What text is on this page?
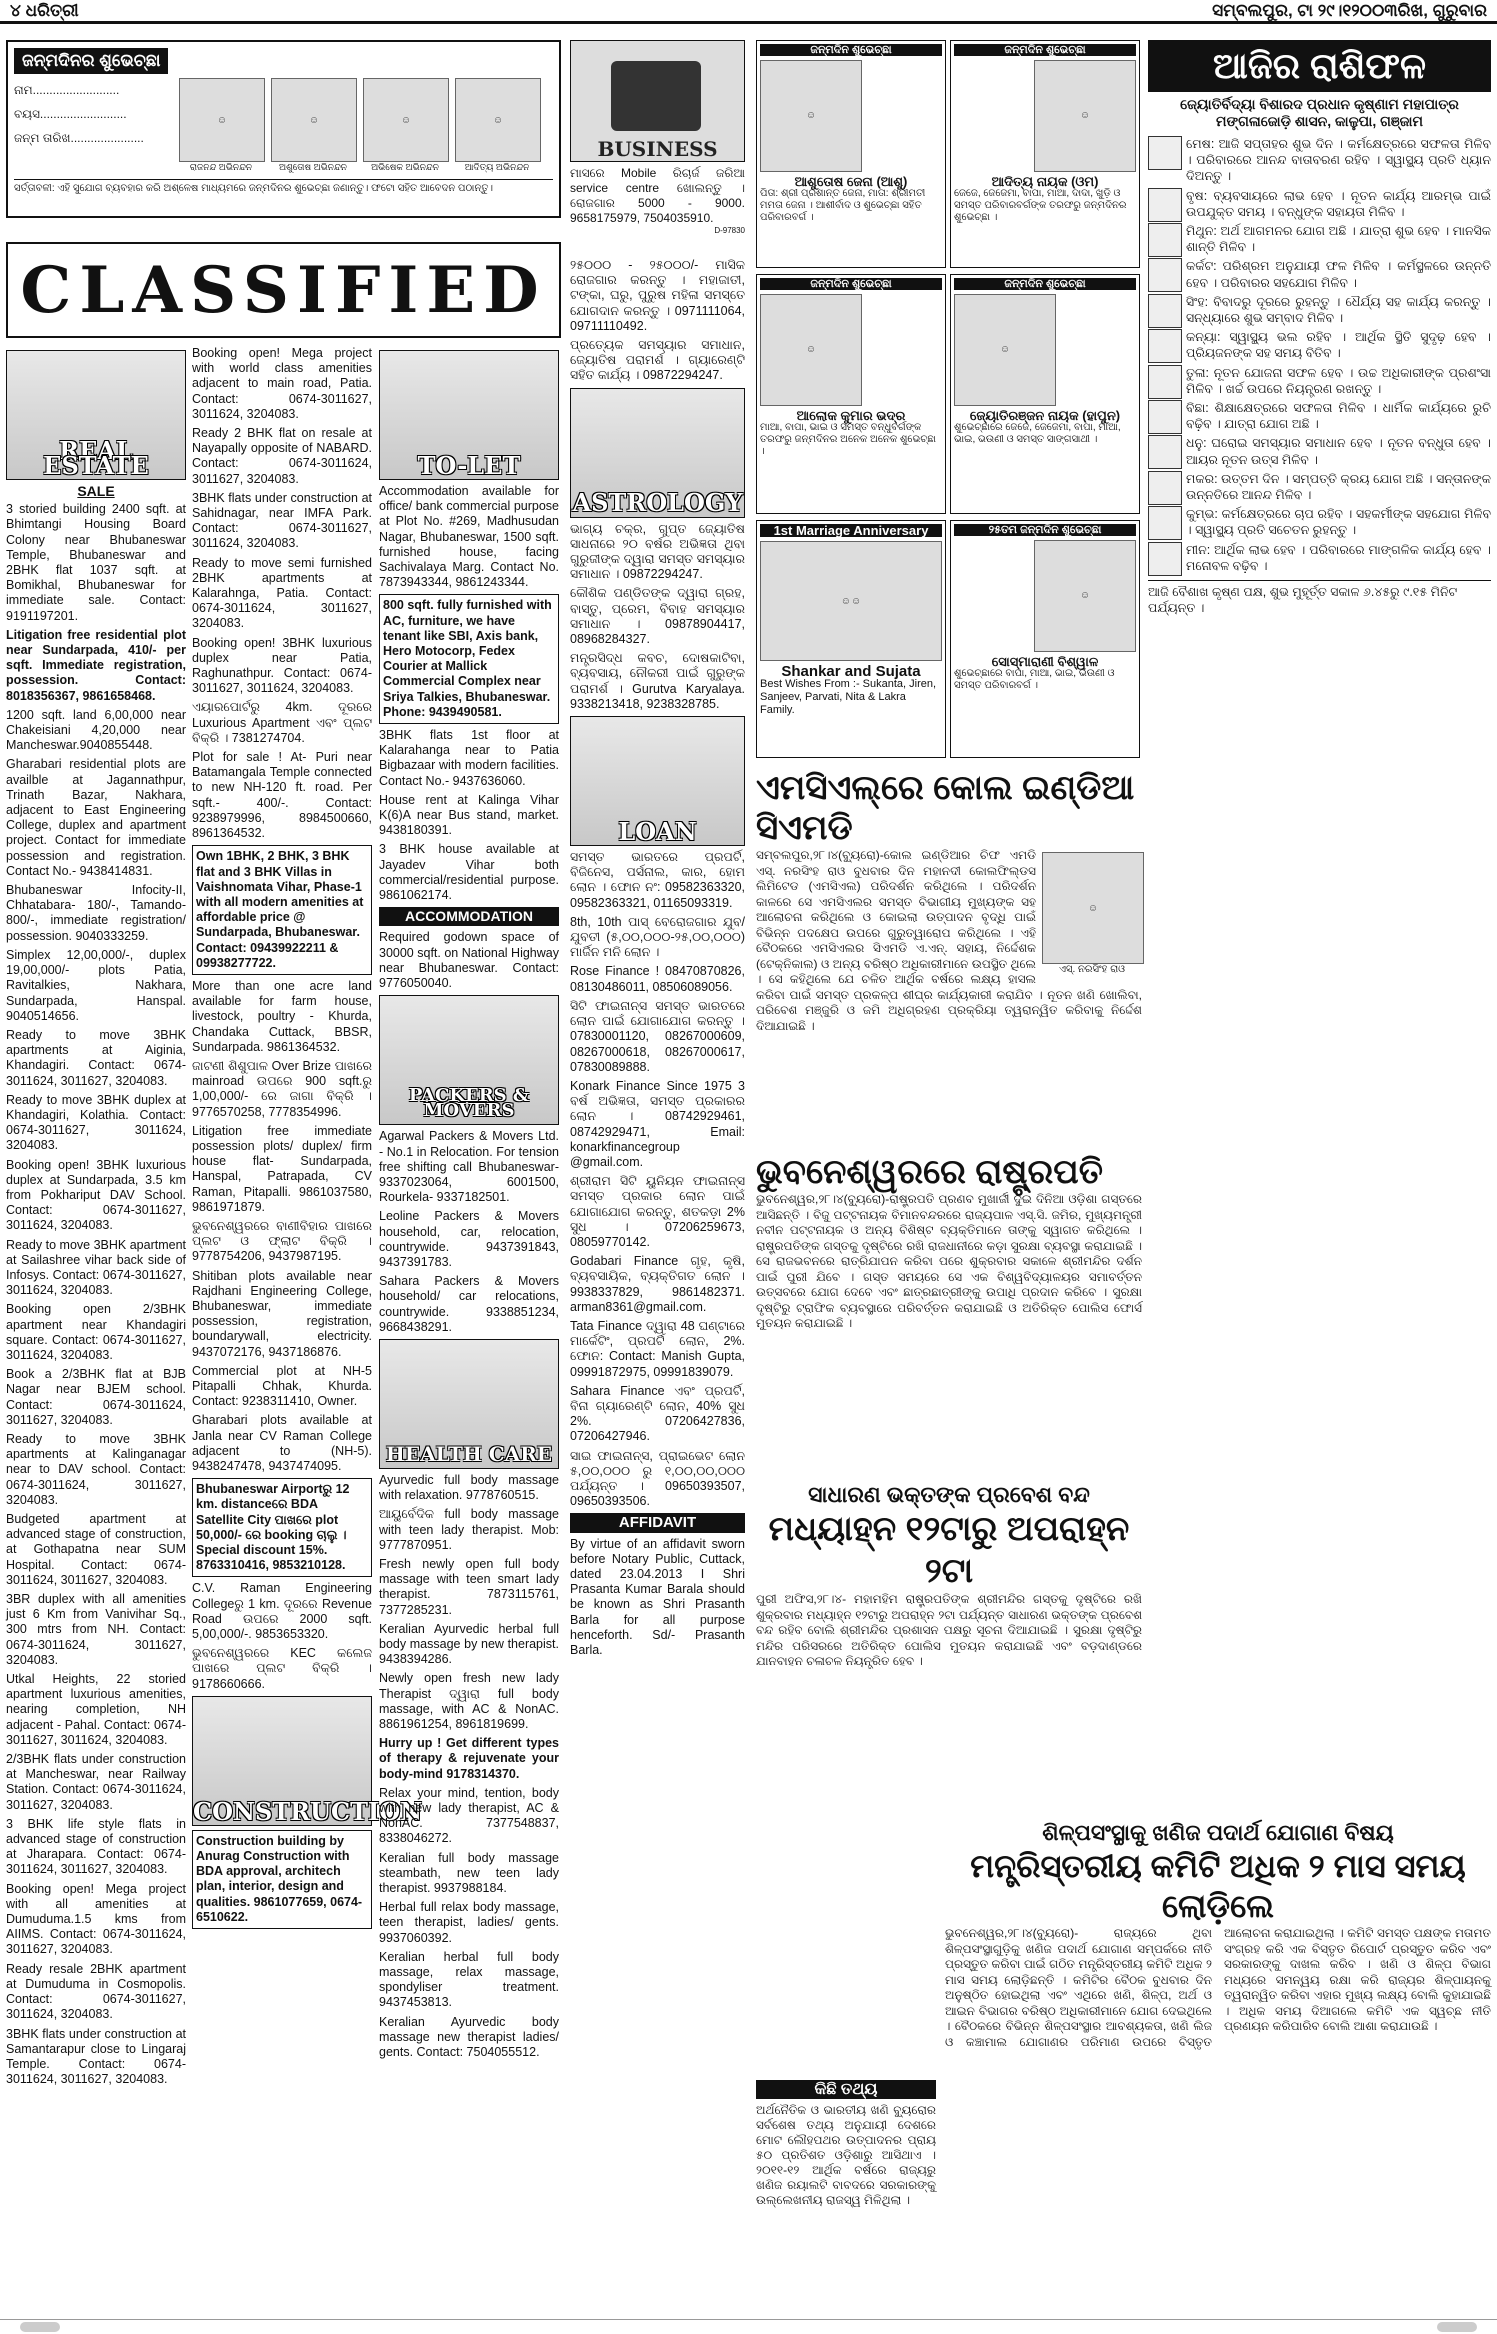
୪ ଧରିତ୍ରୀ	ସମ୍ବଲପୁର, ଟା ୨୯।୧୨୦୦୩ରିଖ, ଗୁରୁବାର
ଜନ୍ମଦିନର ଶୁଭେଚ୍ଛା
ନାମ..........................
ବୟସ..........................
ଜନ୍ମ ତାରିଖ......................
☺
ରାଜନନ୍ଦ ଅଭିନନ୍ଦନ
☺
ଅଶୁତୋଷ ଅଭିନନ୍ଦନ
☺
ଅଭିଷେକ ଅଭିନନ୍ଦନ
☺
ଆଦିତ୍ୟ ଅଭିନନ୍ଦନ
ସର୍ତ୍ତାବଳୀ: ଏହି ସୁଯୋଗ ବ୍ୟବହାର କରି ଅଶ୍ଳେଷ ମାଧ୍ୟମରେ ଜନ୍ମଦିନର ଶୁଭେଚ୍ଛା ଜଣାନ୍ତୁ। ଫଟୋ ସହିତ ଆବେଦନ ପଠାନ୍ତୁ।
BUSINESS
ମାସରେ Mobile ରିଚାର୍ଜ ଜରିଆ service centre ଖୋଲନ୍ତୁ । ରୋଜଗାର 5000 - 9000. 9658175979, 7504035910.
D-97830
CLASSIFIED
REAL ESTATE
SALE

3 storied building 2400 sqft. at Bhimtangi Housing Board Colony near Bhubaneswar Temple, Bhubaneswar and 2BHK flat 1037 sqft. at Bomikhal, Bhubaneswar for immediate sale. Contact: 9191197201.

Litigation free residential plot near Sundarpada, 410/- per sqft. Immediate registration, possession. Contact: 8018356367, 9861658468.

1200 sqft. land 6,00,000 near Chakeisiani 4,20,000 near Mancheswar.9040855448.

Gharabari residential plots are availble at Jagannathpur, Trinath Bazar, Nakhara, adjacent to East Engineering College, duplex and apartment project. Contact for immediate possession and registration. Contact No.- 9438414831.

Bhubaneswar Infocity-II, Chhatabara- 180/-, Tamando- 800/-, immediate registration/ possession. 9040333259.

Simplex 12,00,000/-, duplex 19,00,000/- plots Patia, Ravitalkies, Nakhara, Sundarpada, Hanspal. 9040514656.

Ready to move 3BHK apartments at Aiginia, Khandagiri. Contact: 0674-3011624, 3011627, 3204083.

Ready to move 3BHK duplex at Khandagiri, Kolathia. Contact: 0674-3011627, 3011624, 3204083.

Booking open! 3BHK luxurious duplex at Sundarpada, 3.5 km from Pokhariput DAV School. Contact: 0674-3011627, 3011624, 3204083.

Ready to move 3BHK apartment at Sailashree vihar back side of Infosys. Contact: 0674-3011627, 3011624, 3204083.

Booking open 2/3BHK apartment near Khandagiri square. Contact: 0674-3011627, 3011624, 3204083.

Book a 2/3BHK flat at BJB Nagar near BJEM school. Contact: 0674-3011624, 3011627, 3204083.

Ready to move 3BHK apartments at Kalinganagar near to DAV school. Contact: 0674-3011624, 3011627, 3204083.

Budgeted apartment at advanced stage of construction, at Gothapatna near SUM Hospital. Contact: 0674-3011624, 3011627, 3204083.

3BR duplex with all amenities just 6 Km from Vanivihar Sq., 300 mtrs from NH. Contact: 0674-3011624, 3011627, 3204083.

Utkal Heights, 22 storied apartment luxurious amenities, nearing completion, NH adjacent - Pahal. Contact: 0674-3011627, 3011624, 3204083.

2/3BHK flats under construction at Mancheswar, near Railway Station. Contact: 0674-3011624, 3011627, 3204083.

3 BHK life style flats in advanced stage of construction at Jharapara. Contact: 0674-3011624, 3011627, 3204083.

Booking open! Mega project with all amenities at Dumuduma.1.5 kms from AIIMS. Contact: 0674-3011624, 3011627, 3204083.

Ready resale 2BHK apartment at Dumuduma in Cosmopolis. Contact: 0674-3011627, 3011624, 3204083.

3BHK flats under construction at Samantarapur close to Lingaraj Temple. Contact: 0674-3011624, 3011627, 3204083.

Booking open! Mega project with world class amenities adjacent to main road, Patia. Contact: 0674-3011627, 3011624, 3204083.

Ready 2 BHK flat on resale at Nayapally opposite of NABARD. Contact: 0674-3011624, 3011627, 3204083.

3BHK flats under construction at Sahidnagar, near IMFA Park. Contact: 0674-3011627, 3011624, 3204083.

Ready to move semi furnished 2BHK apartments at Kalarahnga, Patia. Contact: 0674-3011624, 3011627, 3204083.

Booking open! 3BHK luxurious duplex near Patia, Raghunathpur. Contact: 0674-3011627, 3011624, 3204083.

ଏୟାରପୋର୍ଟରୁ 4km. ଦୂରରେ Luxurious Apartment ଏବଂ ପ୍ଲଟ ବିକ୍ରି । 7381274704.

Plot for sale ! At- Puri near Batamangala Temple connected to new NH-120 ft. road. Per sqft.- 400/-. Contact: 9238979996, 8984500660, 8961364532.

Own 1BHK, 2 BHK, 3 BHK flat and 3 BHK Villas in Vaishnomata Vihar, Phase-1 with all modern amenities at affordable price @ Sundarpada, Bhubaneswar. Contact: 09439922211 & 09938277722.

More than one acre land available for farm house, livestock, poultry - Khurda, Chandaka Cuttack, BBSR, Sundarpada. 9861364532.

ଜାଟଣୀ ଶିଶୁପାଳ Over Brize ପାଖରେ mainroad ଉପରେ 900 sqft.ରୁ 1,00,000/- ରେ ଜାଗା ବିକ୍ରି । 9776570258, 7778354996.

Litigation free immediate possession plots/ duplex/ firm house flat- Sundarpada, Hanspal, Patrapada, CV Raman, Pitapalli. 9861037580, 9861971879.

ଭୁବନେଶ୍ୱରରେ ବାଣୀବିହାର ପାଖରେ ପ୍ଲଟ ଓ ଫ୍ଲାଟ ବିକ୍ରି । 9778754206, 9437987195.

Shitiban plots available near Rajdhani Engineering College, Bhubaneswar, immediate possession, registration, boundarywall, electricity. 9437072176, 9437186876.

Commercial plot at NH-5 Pitapalli Chhak, Khurda. Contact: 9238311410, Owner.

Gharabari plots available at Janla near CV Raman College adjacent to (NH-5). 9438247478, 9437474095.

Bhubaneswar Airportରୁ 12 km. distanceରେ BDA Satellite City ପାଖରେ plot 50,000/- ରେ booking ଚାଲୁ । Special discount 15%. 8763310416, 9853210128.

C.V. Raman Engineering Collegeରୁ 1 km. ଦୂରରେ Revenue Road ଉପରେ 2000 sqft. 5,00,000/-. 9853653320.

ଭୁବନେଶ୍ୱରରେ KEC କଲେଜ ପାଖରେ ପ୍ଲଟ ବିକ୍ରି । 9178660666.

CONSTRUCTION
Construction building by Anurag Construction with BDA approval, architech plan, interior, design and qualities. 9861077659, 0674-6510622.
TO-LET

Accommodation available for office/ bank commercial purpose at Plot No. #269, Madhusudan Nagar, Bhubaneswar, 1500 sqft. furnished house, facing Sachivalaya Marg. Contact No. 7873943344, 9861243344.

800 sqft. fully furnished with AC, furniture, we have tenant like SBI, Axis bank, Hero Motocorp, Fedex Courier at Mallick Commercial Complex near Sriya Talkies, Bhubaneswar. Phone: 9439490581.

3BHK flats 1st floor at Kalarahanga near to Patia Bigbazaar with modern facilities. Contact No.- 9437636060.

House rent at Kalinga Vihar K(6)A near Bus stand, market. 9438180391.

3 BHK house available at Jayadev Vihar both commercial/residential purpose. 9861062174.

ACCOMMODATION

Required godown space of 30000 sqft. on National Highway near Bhubaneswar. Contact: 9776050040.

PACKERS & MOVERS

Agarwal Packers & Movers Ltd. - No.1 in Relocation. For tension free shifting call Bhubaneswar- 9337023064, 6001500, Rourkela- 9337182501.

Leoline Packers & Movers household, car, relocation, countrywide. 9437391843, 9437391783.

Sahara Packers & Movers household/ car relocations, countrywide. 9338851234, 9668438291.

HEALTH CARE

Ayurvedic full body massage with relaxation. 9778760515.

ଆୟୁର୍ବେଦିକ full body massage with teen lady therapist. Mob: 9777870951.

Fresh newly open full body massage with teen smart lady therapist. 7873115761, 7377285231.

Keralian Ayurvedic herbal full body massage by new therapist. 9438394286.

Newly open fresh new lady Therapist ଦ୍ୱାରା full body massage, with AC & NonAC. 8861961254, 8961819699.

Hurry up ! Get different types of therapy & rejuvenate your body-mind 9178314370.

Relax your mind, tention, body with new lady therapist, AC & NonAC. 7377548837, 8338046272.

Keralian full body massage steambath, new teen lady therapist. 9937988184.

Herbal full relax body massage, teen therapist, ladies/ gents. 9937060392.

Keralian herbal full body massage, relax massage, spondyliser treatment. 9437453813.

Keralian Ayurvedic body massage new therapist ladies/ gents. Contact: 7504055512.

୨୫୦୦୦ - ୨୫୦୦୦/- ମାସିକ ରୋଜଗାର କରନ୍ତୁ । ମହାଜାତୀ, ଟଙ୍କା, ଘରୁ, ପୁରୁଷ ମହିଳା ସମସ୍ତେ ଯୋଗଦାନ କରନ୍ତୁ । 0971111064, 09711110492.

ପ୍ରତ୍ୟେକ ସମସ୍ୟାର ସମାଧାନ, ଜ୍ୟୋତିଷ ପରାମର୍ଶ । ଗ୍ୟାରେଣ୍ଟି ସହିତ କାର୍ଯ୍ୟ । 09872294247.

ASTROLOGY

ଭାଗ୍ୟ ଚକ୍ର, ଗୁପ୍ତ ଜ୍ୟୋତିଷ ସାଧନାରେ ୨୦ ବର୍ଷର ଅଭିଜ୍ଞତା ଥିବା ଗୁରୁଜୀଙ୍କ ଦ୍ୱାରା ସମସ୍ତ ସମସ୍ୟାର ସମାଧାନ । 09872294247.

କୌଶିକ ପଣ୍ଡିତଙ୍କ ଦ୍ୱାରା ଗ୍ରହ, ବାସ୍ତୁ, ପ୍ରେମ, ବିବାହ ସମସ୍ୟାର ସମାଧାନ । 09878904417, 08968284327.

ମନ୍ତ୍ରସିଦ୍ଧ କବଚ, ଦୋଷକାଟିବା, ବ୍ୟବସାୟ, ନୌକରୀ ପାଇଁ ଗୁରୁଙ୍କ ପରାମର୍ଶ । Gurutva Karyalaya. 9338213418, 9238328785.

LOAN

ସମସ୍ତ ଭାରତରେ ପ୍ରପର୍ଟି, ବିଜିନେସ, ପର୍ସନାଲ, କାର, ହୋମ ଲୋନ । ଫୋନ ନଂ: 09582363320, 09582363321, 01165093319.

8th, 10th ପାସ୍ ବେରୋଜଗାର ଯୁବ/ ଯୁବତୀ (୫,୦୦,୦୦୦-୨୫,୦୦,୦୦୦) ମାର୍ଜିନ ମନି ଲୋନ ।

Rose Finance ! 08470870826, 08130486011, 08506089056.

ସିଟି ଫାଇନାନ୍ସ ସମସ୍ତ ଭାରତରେ ଲୋନ ପାଇଁ ଯୋଗାଯୋଗ କରନ୍ତୁ । 07830001120, 08267000609, 08267000618, 08267000617, 07830089888.

Konark Finance Since 1975 3 ବର୍ଷ ଅଭିଜ୍ଞତା, ସମସ୍ତ ପ୍ରକାରର ଲୋନ । 08742929461, 08742929471, Email: konarkfinancegroup @gmail.com.

ଶ୍ରୀରାମ ସିଟି ୟୁନିୟନ ଫାଇନାନ୍ସ ସମସ୍ତ ପ୍ରକାର ଲୋନ ପାଇଁ ଯୋଗାଯୋଗ କରନ୍ତୁ, ଶତକଡ଼ା 2% ସୁଧ । 07206259673, 08059770142.

Godabari Finance ଗୃହ, କୃଷି, ବ୍ୟବସାୟିକ, ବ୍ୟକ୍ତିଗତ ଲୋନ । 9938337829, 9861482371. arman8361@gmail.com.

Tata Finance ଦ୍ୱାରା 48 ଘଣ୍ଟାରେ ମାର୍କେଟିଂ, ପ୍ରପର୍ଟି ଲୋନ, 2%. ଫୋନ: Contact: Manish Gupta, 09991872975, 09991839079.

Sahara Finance ଏବଂ ପ୍ରପର୍ଟି, ବିନା ଗ୍ୟାରେଣ୍ଟି ଲୋନ, 40% ସୁଧ 2%. 07206427836, 07206427946.

ସାଇ ଫାଇନାନ୍ସ, ପ୍ରାଇଭେଟ ଲୋନ ୫,୦୦,୦୦୦ ରୁ ୧,୦୦,୦୦,୦୦୦ ପର୍ଯ୍ୟନ୍ତ । 09650393507, 09650393506.

AFFIDAVIT

By virtue of an affidavit sworn before Notary Public, Cuttack, dated 23.04.2013 I Shri Prasanta Kumar Barala should be known as Shri Prasanth Barla for all purpose henceforth. Sd/- Prasanth Barla.

ଜନ୍ମଦିନ ଶୁଭେଚ୍ଛା
☺
ଆଶୁତୋଷ ଜେନା (ଆଶୁ)
ପିତା: ଶ୍ରୀ ପ୍ରଶାନ୍ତ ଜେନା, ମାତା: ଶ୍ରୀମତୀ ମମତା ଜେନା । ଆଶୀର୍ବାଦ ଓ ଶୁଭେଚ୍ଛା ସହିତ ପରିବାରବର୍ଗ ।
ଜନ୍ମଦିନ ଶୁଭେଚ୍ଛା
☺
ଆଦିତ୍ୟ ନାୟକ (ଓମ)
ଜେଜେ, ଜେଜେମା, ବାପା, ମାଆ, ଦାଦା, ଖୁଡ଼ି ଓ ସମସ୍ତ ପରିବାରବର୍ଗଙ୍କ ତରଫରୁ ଜନ୍ମଦିନର ଶୁଭେଚ୍ଛା ।
ଜନ୍ମଦିନ ଶୁଭେଚ୍ଛା
☺
ଆଲୋକ କୁମାର ଭଦ୍ର
ମାଆ, ବାପା, ଭାଇ ଓ ସମସ୍ତ ବନ୍ଧୁବର୍ଗଙ୍କ ତରଫରୁ ଜନ୍ମଦିନର ଅନେକ ଅନେକ ଶୁଭେଚ୍ଛା ।
ଜନ୍ମଦିନ ଶୁଭେଚ୍ଛା
☺
ଜ୍ୟୋତିରଞ୍ଜନ ନାୟକ (ହାପୁନ)
ଶୁଭେଚ୍ଛାରେ ଜେଜେ, ଜେଜେମା, ବାପା, ମାଆ, ଭାଇ, ଭଉଣୀ ଓ ସମସ୍ତ ସାଙ୍ଗସାଥୀ ।
1st Marriage Anniversary
☺☺
Shankar and Sujata
Best Wishes From :- Sukanta, Jiren, Sanjeev, Parvati, Nita & Lakra Family.
୨୫ତମ ଜନ୍ମଦିନ ଶୁଭେଚ୍ଛା
☺
ସୋସ୍ମାରାଣୀ ବିଶ୍ୱାଳ
ଶୁଭେଚ୍ଛାରେ ବାପା, ମାଆ, ଭାଇ, ଭଉଣୀ ଓ ସମସ୍ତ ପରିବାରବର୍ଗ ।
ଆଜିର ରାଶିଫଳ
ଜ୍ୟୋତିର୍ବିଦ୍ୟା ବିଶାରଦ ପ୍ରଧାନ କୃଷ୍ଣାମ ମହାପାତ୍ର
ମଙ୍ଗଳାଜୋଡ଼ି ଶାସନ, କାଳୁପା, ଗଞ୍ଜାମ
ମେଷ: ଆଜି ସପ୍ତାହର ଶୁଭ ଦିନ । କର୍ମକ୍ଷେତ୍ରରେ ସଫଳତା ମିଳିବ । ପରିବାରରେ ଆନନ୍ଦ ବାତାବରଣ ରହିବ । ସ୍ୱାସ୍ଥ୍ୟ ପ୍ରତି ଧ୍ୟାନ ଦିଅନ୍ତୁ ।
ବୃଷ: ବ୍ୟବସାୟରେ ଲାଭ ହେବ । ନୂତନ କାର୍ଯ୍ୟ ଆରମ୍ଭ ପାଇଁ ଉପଯୁକ୍ତ ସମୟ । ବନ୍ଧୁଙ୍କ ସହାୟତା ମିଳିବ ।
ମିଥୁନ: ଅର୍ଥ ଆଗମନର ଯୋଗ ଅଛି । ଯାତ୍ରା ଶୁଭ ହେବ । ମାନସିକ ଶାନ୍ତି ମିଳିବ ।
କର୍କଟ: ପରିଶ୍ରମ ଅନୁଯାୟୀ ଫଳ ମିଳିବ । କର୍ମସ୍ଥଳରେ ଉନ୍ନତି ହେବ । ପରିବାରର ସହଯୋଗ ମିଳିବ ।
ସିଂହ: ବିବାଦରୁ ଦୂରରେ ରୁହନ୍ତୁ । ଧୈର୍ଯ୍ୟ ସହ କାର୍ଯ୍ୟ କରନ୍ତୁ । ସନ୍ଧ୍ୟାରେ ଶୁଭ ସମ୍ବାଦ ମିଳିବ ।
କନ୍ୟା: ସ୍ୱାସ୍ଥ୍ୟ ଭଲ ରହିବ । ଆର୍ଥିକ ସ୍ଥିତି ସୁଦୃଢ଼ ହେବ । ପ୍ରିୟଜନଙ୍କ ସହ ସମୟ ବିତିବ ।
ତୁଳା: ନୂତନ ଯୋଜନା ସଫଳ ହେବ । ଉଚ୍ଚ ଅଧିକାରୀଙ୍କ ପ୍ରଶଂସା ମିଳିବ । ଖର୍ଚ୍ଚ ଉପରେ ନିୟନ୍ତ୍ରଣ ରଖନ୍ତୁ ।
ବିଛା: ଶିକ୍ଷାକ୍ଷେତ୍ରରେ ସଫଳତା ମିଳିବ । ଧାର୍ମିକ କାର୍ଯ୍ୟରେ ରୁଚି ବଢ଼ିବ । ଯାତ୍ରା ଯୋଗ ଅଛି ।
ଧନୁ: ଘରୋଇ ସମସ୍ୟାର ସମାଧାନ ହେବ । ନୂତନ ବନ୍ଧୁତା ହେବ । ଆୟର ନୂତନ ଉତ୍ସ ମିଳିବ ।
ମକର: ଉତ୍ତମ ଦିନ । ସମ୍ପତ୍ତି କ୍ରୟ ଯୋଗ ଅଛି । ସନ୍ତାନଙ୍କ ଉନ୍ନତିରେ ଆନନ୍ଦ ମିଳିବ ।
କୁମ୍ଭ: କର୍ମକ୍ଷେତ୍ରରେ ଚାପ ରହିବ । ସହକର୍ମୀଙ୍କ ସହଯୋଗ ମିଳିବ । ସ୍ୱାସ୍ଥ୍ୟ ପ୍ରତି ସଚେତନ ରୁହନ୍ତୁ ।
ମୀନ: ଆର୍ଥିକ ଲାଭ ହେବ । ପରିବାରରେ ମାଙ୍ଗଳିକ କାର୍ଯ୍ୟ ହେବ । ମନୋବଳ ବଢ଼ିବ ।
ଆଜି ବୈଶାଖ କୃଷ୍ଣ ପକ୍ଷ, ଶୁଭ ମୁହୂର୍ତ୍ତ ସକାଳ ୬.୪୫ରୁ ୯.୧୫ ମିନିଟ ପର୍ଯ୍ୟନ୍ତ ।
ଏମସିଏଲ୍ରେ କୋଲ ଇଣ୍ଡିଆ ସିଏମଡି
☺
ଏସ୍. ନରସିଂହ ରାଓ
ସମ୍ବଲପୁର,୨୮।୪(ବ୍ୟୁରୋ)-କୋଲ ଇଣ୍ଡିଆର ଚିଫ ଏମଡି ଏସ୍. ନରସିଂହ ରାଓ ବୁଧବାର ଦିନ ମହାନଦୀ କୋଲଫିଲ୍ଡସ ଲିମିଟେଡ (ଏମସିଏଲ) ପରିଦର୍ଶନ କରିଥିଲେ । ପରିଦର୍ଶନ କାଳରେ ସେ ଏମସିଏଲର ସମସ୍ତ ବିଭାଗୀୟ ମୁଖ୍ୟଙ୍କ ସହ ଆଲୋଚନା କରିଥିଲେ ଓ କୋଇଲା ଉତ୍ପାଦନ ବୃଦ୍ଧି ପାଇଁ ବିଭିନ୍ନ ପଦକ୍ଷେପ ଉପରେ ଗୁରୁତ୍ୱାରୋପ କରିଥିଲେ । ଏହି ବୈଠକରେ ଏମସିଏଲର ସିଏମଡି ଏ.ଏନ୍. ସହାୟ, ନିର୍ଦ୍ଦେଶକ (ଟେକ୍ନିକାଲ) ଓ ଅନ୍ୟ ବରିଷ୍ଠ ଅଧିକାରୀମାନେ ଉପସ୍ଥିତ ଥିଲେ । ସେ କହିଥିଲେ ଯେ ଚଳିତ ଆର୍ଥିକ ବର୍ଷରେ ଲକ୍ଷ୍ୟ ହାସଲ କରିବା ପାଇଁ ସମସ୍ତ ପ୍ରକଳ୍ପ ଶୀଘ୍ର କାର୍ଯ୍ୟକାରୀ କରାଯିବ । ନୂତନ ଖଣି ଖୋଲିବା, ପରିବେଶ ମଞ୍ଜୁରି ଓ ଜମି ଅଧିଗ୍ରହଣ ପ୍ରକ୍ରିୟା ତ୍ୱରାନ୍ୱିତ କରିବାକୁ ନିର୍ଦ୍ଦେଶ ଦିଆଯାଇଛି ।
ଭୁବନେଶ୍ୱରରେ ରାଷ୍ଟ୍ରପତି
ଭୁବନେଶ୍ୱର,୨୮।୪(ବ୍ୟୁରୋ)-ରାଷ୍ଟ୍ରପତି ପ୍ରଣବ ମୁଖାର୍ଜୀ ଦୁଇ ଦିନିଆ ଓଡ଼ିଶା ଗସ୍ତରେ ଆସିଛନ୍ତି । ବିଜୁ ପଟ୍ଟନାୟକ ବିମାନବନ୍ଦରରେ ରାଜ୍ୟପାଳ ଏସ୍.ସି. ଜମିର, ମୁଖ୍ୟମନ୍ତ୍ରୀ ନବୀନ ପଟ୍ଟନାୟକ ଓ ଅନ୍ୟ ବିଶିଷ୍ଟ ବ୍ୟକ୍ତିମାନେ ତାଙ୍କୁ ସ୍ୱାଗତ କରିଥିଲେ । ରାଷ୍ଟ୍ରପତିଙ୍କ ଗସ୍ତକୁ ଦୃଷ୍ଟିରେ ରଖି ରାଜଧାନୀରେ କଡ଼ା ସୁରକ୍ଷା ବ୍ୟବସ୍ଥା କରାଯାଇଛି । ସେ ରାଜଭବନରେ ରାତ୍ରିଯାପନ କରିବା ପରେ ଶୁକ୍ରବାର ସକାଳେ ଶ୍ରୀମନ୍ଦିର ଦର୍ଶନ ପାଇଁ ପୁରୀ ଯିବେ । ଗସ୍ତ ସମୟରେ ସେ ଏକ ବିଶ୍ୱବିଦ୍ୟାଳୟର ସମାବର୍ତ୍ତନ ଉତ୍ସବରେ ଯୋଗ ଦେବେ ଏବଂ ଛାତ୍ରଛାତ୍ରୀଙ୍କୁ ଉପାଧି ପ୍ରଦାନ କରିବେ । ସୁରକ୍ଷା ଦୃଷ୍ଟିରୁ ଟ୍ରାଫିକ ବ୍ୟବସ୍ଥାରେ ପରିବର୍ତ୍ତନ କରାଯାଇଛି ଓ ଅତିରିକ୍ତ ପୋଲିସ ଫୋର୍ସ ମୁତୟନ କରାଯାଇଛି ।
ସାଧାରଣ ଭକ୍ତଙ୍କ ପ୍ରବେଶ ବନ୍ଦ
ମଧ୍ୟାହ୍ନ ୧୨ଟାରୁ ଅପରାହ୍ନ ୨ଟା
ପୁରୀ ଅଫିସ,୨୮।୪- ମହାମହିମ ରାଷ୍ଟ୍ରପତିଙ୍କ ଶ୍ରୀମନ୍ଦିର ଗସ୍ତକୁ ଦୃଷ୍ଟିରେ ରଖି ଶୁକ୍ରବାର ମଧ୍ୟାହ୍ନ ୧୨ଟାରୁ ଅପରାହ୍ନ ୨ଟା ପର୍ଯ୍ୟନ୍ତ ସାଧାରଣ ଭକ୍ତଙ୍କ ପ୍ରବେଶ ବନ୍ଦ ରହିବ ବୋଲି ଶ୍ରୀମନ୍ଦିର ପ୍ରଶାସନ ପକ୍ଷରୁ ସୂଚନା ଦିଆଯାଇଛି । ସୁରକ୍ଷା ଦୃଷ୍ଟିରୁ ମନ୍ଦିର ପରିସରରେ ଅତିରିକ୍ତ ପୋଲିସ ମୁତୟନ କରାଯାଇଛି ଏବଂ ବଡ଼ଦାଣ୍ଡରେ ଯାନବାହନ ଚଳାଚଳ ନିୟନ୍ତ୍ରିତ ହେବ ।
ଶିଳ୍ପସଂସ୍ଥାକୁ ଖଣିଜ ପଦାର୍ଥ ଯୋଗାଣ ବିଷୟ
ମନ୍ତ୍ରିସ୍ତରୀୟ କମିଟି ଅଧିକ ୨ ମାସ ସମୟ ଲୋଡ଼ିଲେ
ଭୁବନେଶ୍ୱର,୨୮।୪(ବ୍ୟୁରୋ)- ରାଜ୍ୟରେ ଥିବା ଶିଳ୍ପସଂସ୍ଥାଗୁଡ଼ିକୁ ଖଣିଜ ପଦାର୍ଥ ଯୋଗାଣ ସମ୍ପର୍କରେ ନୀତି ପ୍ରସ୍ତୁତ କରିବା ପାଇଁ ଗଠିତ ମନ୍ତ୍ରିସ୍ତରୀୟ କମିଟି ଅଧିକ ୨ ମାସ ସମୟ ଲୋଡ଼ିଛନ୍ତି । କମିଟିର ବୈଠକ ବୁଧବାର ଦିନ ଅନୁଷ୍ଠିତ ହୋଇଥିଲା ଏବଂ ଏଥିରେ ଖଣି, ଶିଳ୍ପ, ଅର୍ଥ ଓ ଆଇନ ବିଭାଗର ବରିଷ୍ଠ ଅଧିକାରୀମାନେ ଯୋଗ ଦେଇଥିଲେ । ବୈଠକରେ ବିଭିନ୍ନ ଶିଳ୍ପସଂସ୍ଥାର ଆବଶ୍ୟକତା, ଖଣି ଲିଜ ଓ କଞ୍ଚାମାଲ ଯୋଗାଣର ପରିମାଣ ଉପରେ ବିସ୍ତୃତ ଆଲୋଚନା କରାଯାଇଥିଲା । କମିଟି ସମସ୍ତ ପକ୍ଷଙ୍କ ମତାମତ ସଂଗ୍ରହ କରି ଏକ ବିସ୍ତୃତ ରିପୋର୍ଟ ପ୍ରସ୍ତୁତ କରିବ ଏବଂ ସରକାରଙ୍କୁ ଦାଖଲ କରିବ । ଖଣି ଓ ଶିଳ୍ପ ବିଭାଗ ମଧ୍ୟରେ ସମନ୍ୱୟ ରକ୍ଷା କରି ରାଜ୍ୟର ଶିଳ୍ପାୟନକୁ ତ୍ୱରାନ୍ୱିତ କରିବା ଏହାର ମୁଖ୍ୟ ଲକ୍ଷ୍ୟ ବୋଲି କୁହାଯାଇଛି । ଅଧିକ ସମୟ ଦିଆଗଲେ କମିଟି ଏକ ସ୍ୱଚ୍ଛ ନୀତି ପ୍ରଣୟନ କରିପାରିବ ବୋଲି ଆଶା କରାଯାଉଛି ।
କିଛି ତଥ୍ୟ
ଅର୍ଥନୈତିକ ଓ ଭାରତୀୟ ଖଣି ବ୍ୟୁରୋର ସର୍ବଶେଷ ତଥ୍ୟ ଅନୁଯାୟୀ ଦେଶରେ ମୋଟ ଲୌହପଥର ଉତ୍ପାଦନର ପ୍ରାୟ ୫୦ ପ୍ରତିଶତ ଓଡ଼ିଶାରୁ ଆସିଥାଏ । ୨୦୧୧-୧୨ ଆର୍ଥିକ ବର୍ଷରେ ରାଜ୍ୟରୁ ଖଣିଜ ରୟାଲଟି ବାବଦରେ ସରକାରଙ୍କୁ ଉଲ୍ଲେଖନୀୟ ରାଜସ୍ୱ ମିଳିଥିଲା ।
